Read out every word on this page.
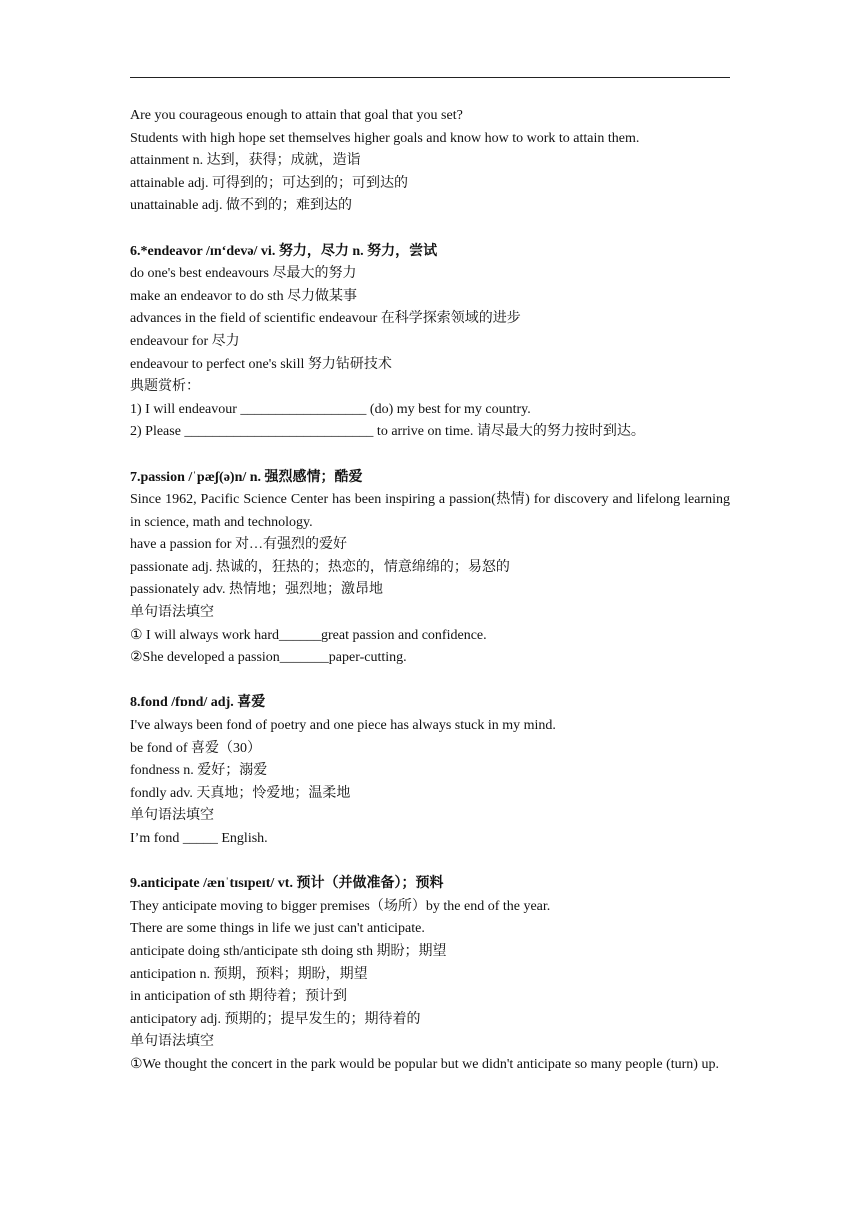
Are you courageous enough to attain that goal that you set?
Students with high hope set themselves higher goals and know how to work to attain them.
attainment n. 达到，获得；成就，造诣
attainable adj. 可得到的；可达到的；可到达的
unattainable adj. 做不到的；难到达的
6.*endeavor /ɪn‘devə/ vi. 努力，尽力 n. 努力，尝试
do one's best endeavours 尽最大的努力
make an endeavor to do sth 尽力做某事
advances in the field of scientific endeavour 在科学探索领域的进步
endeavour for 尽力
endeavour to perfect one's skill 努力钻研技术
典题赏析：
1) I will endeavour __________________ (do) my best for my country.
2) Please ___________________________ to arrive on time. 请尽最大的努力按时到达。
7.passion /ˈpæʃ(ə)n/ n. 强烈感情；酷爱
Since 1962, Pacific Science Center has been inspiring a passion(热情) for discovery and lifelong learning in science, math and technology.
have a passion for 对…有强烈的爱好
passionate adj. 热诚的，狂热的；热恋的，情意绵绵的；易怒的
passionately adv. 热情地；强烈地；激昂地
单句语法填空
① I will always work hard______great passion and confidence.
②She developed a passion_______paper-cutting.
8.fond /fɒnd/ adj. 喜爱
I've always been fond of poetry and one piece has always stuck in my mind.
be fond of 喜爱（30）
fondness n. 爱好；溺爱
fondly adv. 天真地；怜爱地；温柔地
单句语法填空
I’m fond _____ English.
9.anticipate /ænˈtɪsɪpeɪt/ vt. 预计（并做准备）；预料
They anticipate moving to bigger premises（场所）by the end of the year.
There are some things in life we just can't anticipate.
anticipate doing sth/anticipate sth doing sth 期盼；期望
anticipation n. 预期，预料；期盼，期望
in anticipation of sth 期待着；预计到
anticipatory adj. 预期的；提早发生的；期待着的
单句语法填空
①We thought the concert in the park would be popular but we didn't anticipate so many people (turn) up.
